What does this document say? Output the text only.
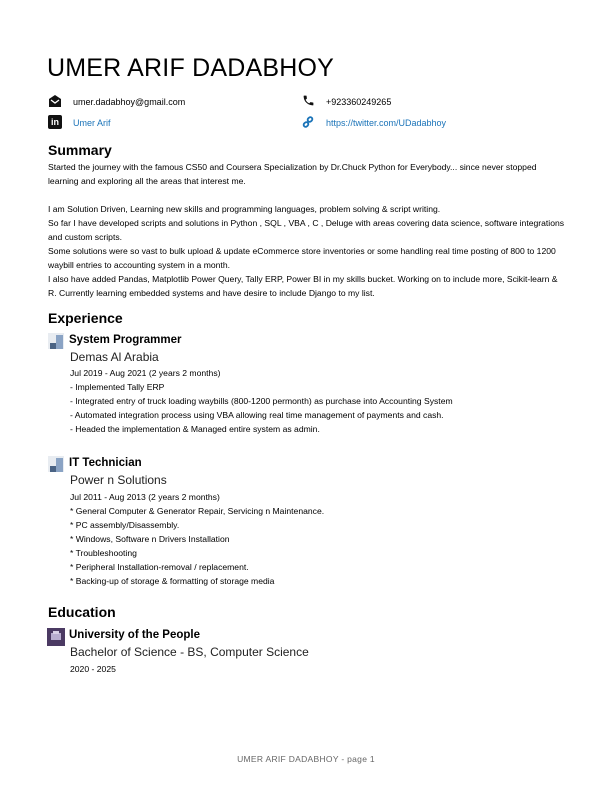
UMER ARIF DADABHOY
umer.dadabhoy@gmail.com	+923360249265
in	Umer Arif	https://twitter.com/UDadabhoy
Summary

Started the journey with the famous CS50 and Coursera Specialization by Dr.Chuck Python for Everybody... since never stopped learning and exploring all the areas that interest me.

I am Solution Driven, Learning new skills and programming languages, problem solving & script writing.

So far I have developed scripts and solutions in Python , SQL , VBA , C , Deluge with areas covering data science, software integrations and custom scripts.

Some solutions were so vast to bulk upload & update eCommerce store inventories or some handling real time posting of 800 to 1200 waybill entries to accounting system in a month.

I also have added Pandas, Matplotlib Power Query, Tally ERP, Power BI in my skills bucket. Working on to include more, Scikit-learn & R. Currently learning embedded systems and have desire to include Django to my list.

Experience
System Programmer
Demas Al Arabia
Jul 2019 - Aug 2021 (2 years 2 months)
- Implemented Tally ERP
- Integrated entry of truck loading waybills (800-1200 permonth) as purchase into Accounting System
- Automated integration process using VBA allowing real time management of payments and cash.
- Headed the implementation & Managed entire system as admin.
IT Technician
Power n Solutions
Jul 2011 - Aug 2013 (2 years 2 months)
* General Computer & Generator Repair, Servicing n Maintenance.
* PC assembly/Disassembly.
* Windows, Software n Drivers Installation
* Troubleshooting
* Peripheral Installation-removal / replacement.
* Backing-up of storage & formatting of storage media
Education
University of the People
Bachelor of Science - BS, Computer Science
2020 - 2025
UMER ARIF DADABHOY - page 1
